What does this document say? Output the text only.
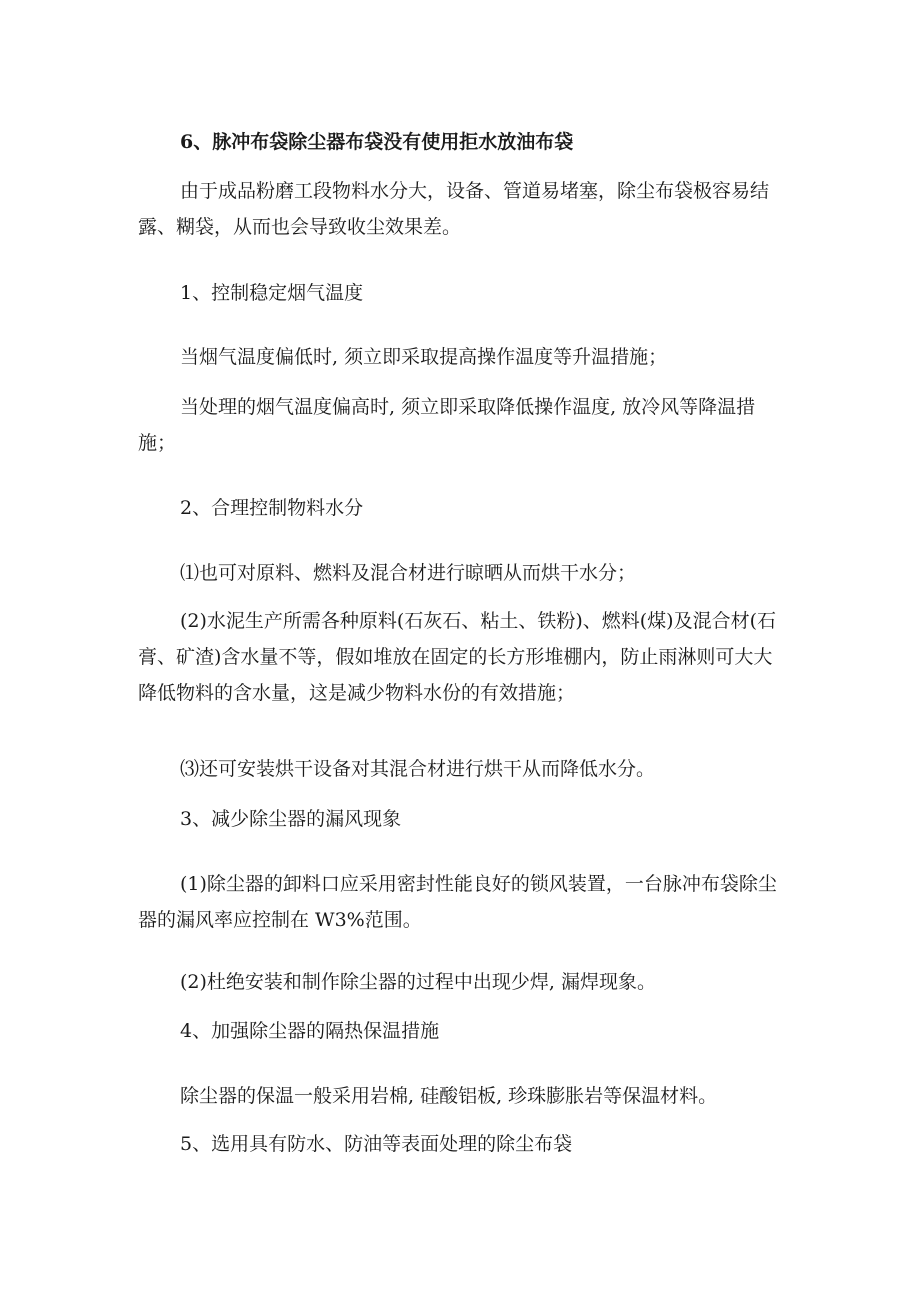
6、脉冲布袋除尘器布袋没有使用拒水放油布袋

由于成品粉磨工段物料水分大，设备、管道易堵塞，除尘布袋极容易结露、糊袋，从而也会导致收尘效果差。

1、控制稳定烟气温度

当烟气温度偏低时, 须立即采取提高操作温度等升温措施；

当处理的烟气温度偏高时, 须立即采取降低操作温度, 放冷风等降温措施；

2、合理控制物料水分

⑴也可对原料、燃料及混合材进行晾晒从而烘干水分；

(2)水泥生产所需各种原料(石灰石、粘土、铁粉)、燃料(煤)及混合材(石膏、矿渣)含水量不等，假如堆放在固定的长方形堆棚内，防止雨淋则可大大降低物料的含水量，这是减少物料水份的有效措施；

⑶还可安装烘干设备对其混合材进行烘干从而降低水分。

3、减少除尘器的漏风现象

(1)除尘器的卸料口应采用密封性能良好的锁风装置，一台脉冲布袋除尘器的漏风率应控制在 W3%范围。

(2)杜绝安装和制作除尘器的过程中出现少焊, 漏焊现象。

4、加强除尘器的隔热保温措施

除尘器的保温一般采用岩棉, 硅酸铝板, 珍珠膨胀岩等保温材料。

5、选用具有防水、防油等表面处理的除尘布袋
